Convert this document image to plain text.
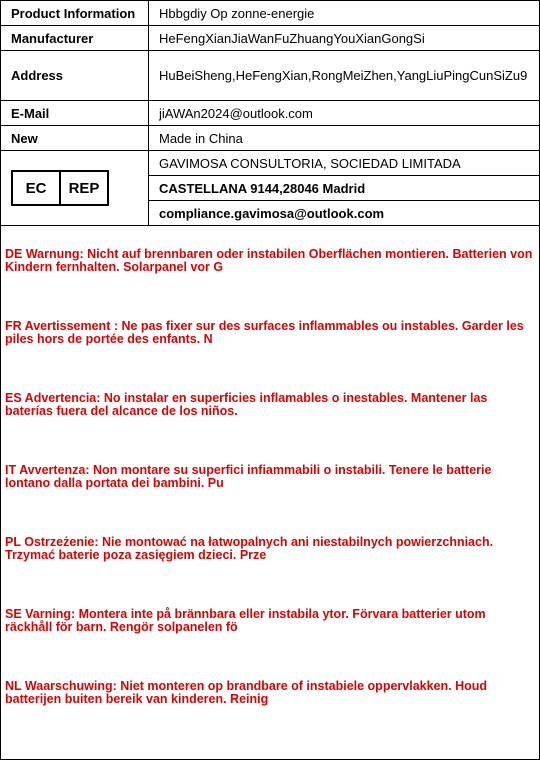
Product Information	Hbbgdiy Op zonne-energie
Manufacturer	HeFengXianJiaWanFuZhuangYouXianGongSi
Address	HuBeiSheng,HeFengXian,RongMeiZhen,YangLiuPingCunSiZu9
E-Mail	jiAWAn2024@outlook.com
New	Made in China

EC REP	GAVIMOSA CONSULTORIA, SOCIEDAD LIMITADA
	CASTELLANA 9144,28046 Madrid
	compliance.gavimosa@outlook.com

DE Warnung: Nicht auf brennbaren oder instabilen Oberflächen montieren. Batterien von Kindern fernhalten. Solarpanel vor G

FR Avertissement : Ne pas fixer sur des surfaces inflammables ou instables. Garder les piles hors de portée des enfants. N

ES Advertencia: No instalar en superficies inflamables o inestables. Mantener las baterías fuera del alcance de los niños.

IT Avvertenza: Non montare su superfici infiammabili o instabili. Tenere le batterie lontano dalla portata dei bambini. Pu

PL Ostrzeżenie: Nie montować na łatwopalnych ani niestabilnych powierzchniach. Trzymać baterie poza zasięgiem dzieci. Prze

SE Varning: Montera inte på brännbara eller instabila ytor. Förvara batterier utom räckhåll för barn. Rengör solpanelen fö

NL Waarschuwing: Niet monteren op brandbare of instabiele oppervlakken. Houd batterijen buiten bereik van kinderen. Reinig
